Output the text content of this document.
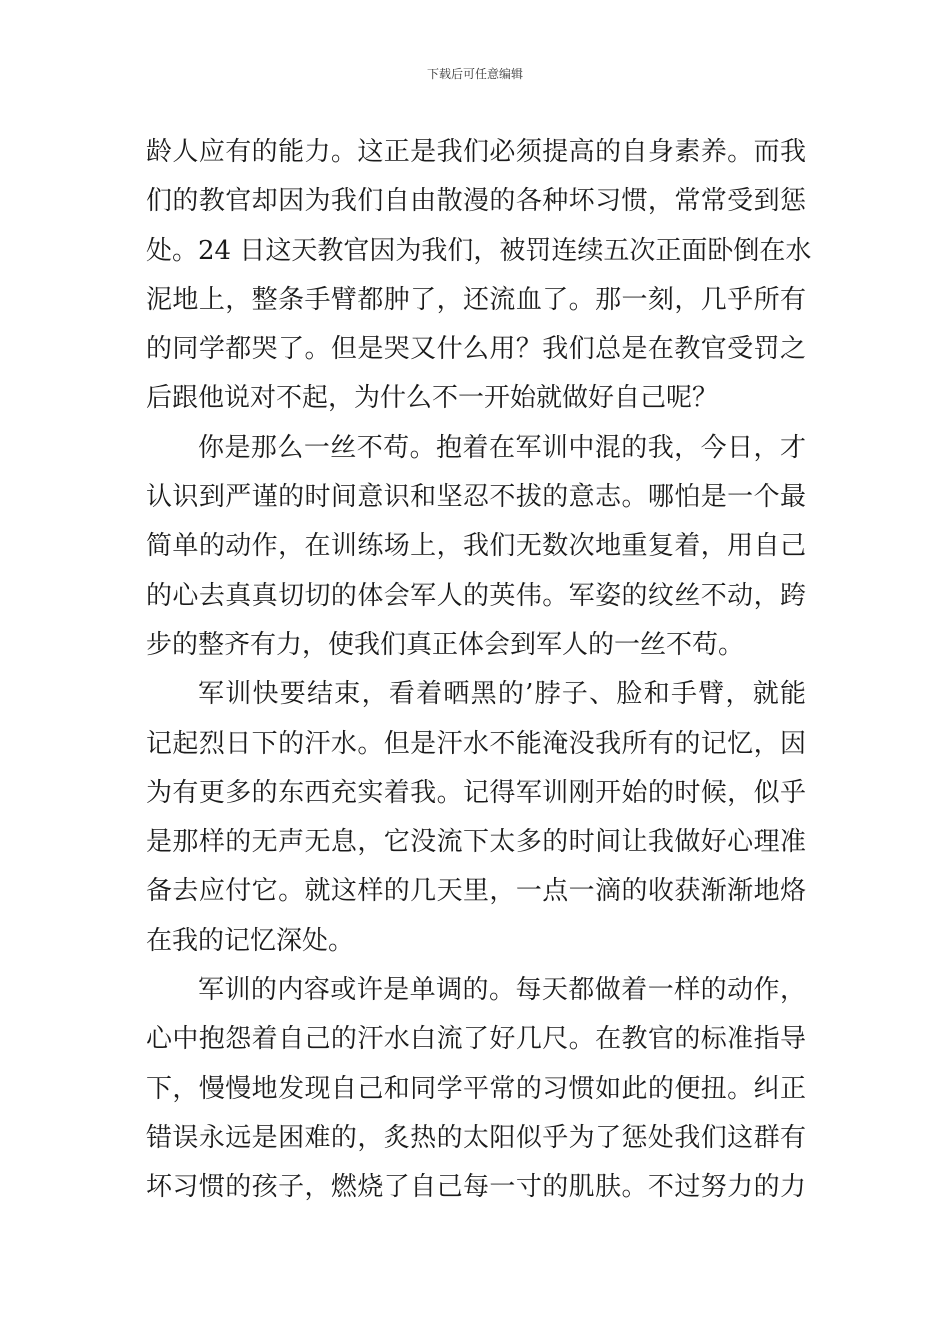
下载后可任意编辑
龄人应有的能力。这正是我们必须提高的自身素养。而我
们的教官却因为我们自由散漫的各种坏习惯，常常受到惩
处。24 日这天教官因为我们，被罚连续五次正面卧倒在水
泥地上，整条手臂都肿了，还流血了。那一刻，几乎所有
的同学都哭了。但是哭又什么用？我们总是在教官受罚之
后跟他说对不起，为什么不一开始就做好自己呢？
你是那么一丝不苟。抱着在军训中混的我，今日，才
认识到严谨的时间意识和坚忍不拔的意志。哪怕是一个最
简单的动作，在训练场上，我们无数次地重复着，用自己
的心去真真切切的体会军人的英伟。军姿的纹丝不动，跨
步的整齐有力，使我们真正体会到军人的一丝不苟。
军训快要结束，看着晒黑的’脖子、脸和手臂，就能
记起烈日下的汗水。但是汗水不能淹没我所有的记忆，因
为有更多的东西充实着我。记得军训刚开始的时候，似乎
是那样的无声无息，它没流下太多的时间让我做好心理准
备去应付它。就这样的几天里，一点一滴的收获渐渐地烙
在我的记忆深处。
军训的内容或许是单调的。每天都做着一样的动作，
心中抱怨着自己的汗水白流了好几尺。在教官的标准指导
下，慢慢地发现自己和同学平常的习惯如此的便扭。纠正
错误永远是困难的，炙热的太阳似乎为了惩处我们这群有
坏习惯的孩子，燃烧了自己每一寸的肌肤。不过努力的力
